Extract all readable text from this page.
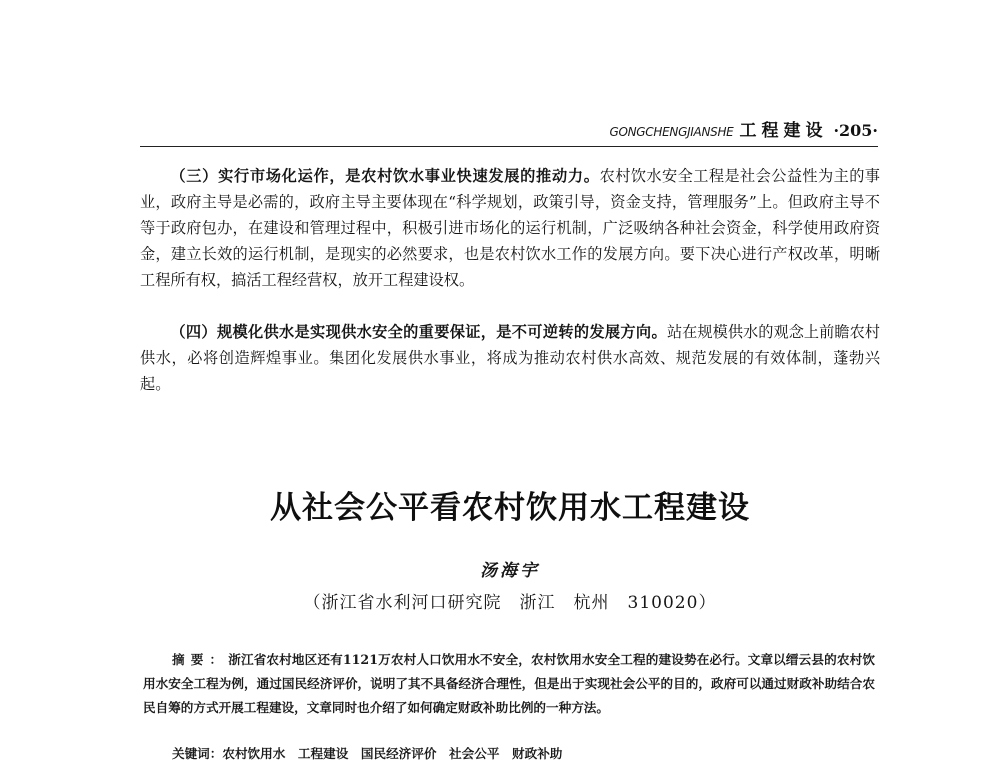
GONGCHENGJIANSHE 工程建设 ·205·

（三）实行市场化运作，是农村饮水事业快速发展的推动力。农村饮水安全工程是社会公益性为主的事业，政府主导是必需的，政府主导主要体现在“科学规划，政策引导，资金支持，管理服务”上。但政府主导不等于政府包办，在建设和管理过程中，积极引进市场化的运行机制，广泛吸纳各种社会资金，科学使用政府资金，建立长效的运行机制，是现实的必然要求，也是农村饮水工作的发展方向。要下决心进行产权改革，明晰工程所有权，搞活工程经营权，放开工程建设权。

（四）规模化供水是实现供水安全的重要保证，是不可逆转的发展方向。站在规模供水的观念上前瞻农村供水，必将创造辉煌事业。集团化发展供水事业，将成为推动农村供水高效、规范发展的有效体制，蓬勃兴起。

从社会公平看农村饮用水工程建设
汤海宇
（浙江省水利河口研究院　浙江　杭州　310020）

摘要：浙江省农村地区还有1121万农村人口饮用水不安全，农村饮用水安全工程的建设势在必行。文章以缙云县的农村饮用水安全工程为例，通过国民经济评价，说明了其不具备经济合理性，但是出于实现社会公平的目的，政府可以通过财政补助结合农民自筹的方式开展工程建设，文章同时也介绍了如何确定财政补助比例的一种方法。

关键词：农村饮用水　工程建设　国民经济评价　社会公平　财政补助
